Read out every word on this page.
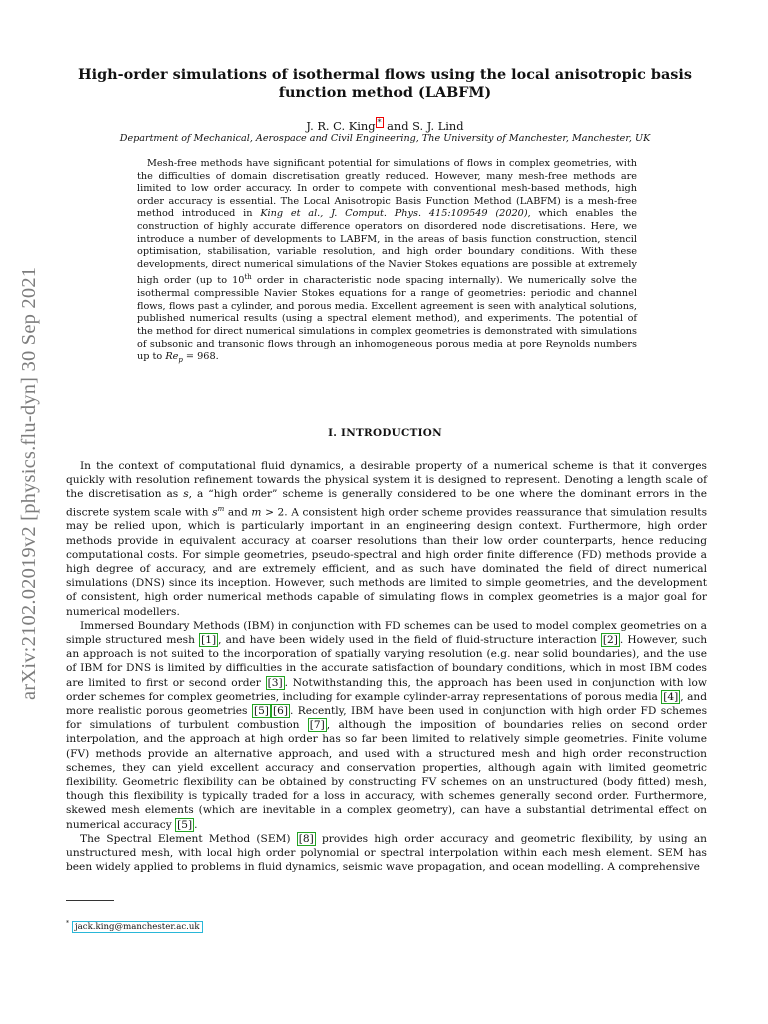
arXiv:2102.02019v2 [physics.flu-dyn] 30 Sep 2021
High-order simulations of isothermal flows using the local anisotropic basis function method (LABFM)
J. R. C. King * and S. J. Lind
Department of Mechanical, Aerospace and Civil Engineering, The University of Manchester, Manchester, UK

Mesh-free methods have significant potential for simulations of flows in complex geometries, with the difficulties of domain discretisation greatly reduced. However, many mesh-free methods are limited to low order accuracy. In order to compete with conventional mesh-based methods, high order accuracy is essential. The Local Anisotropic Basis Function Method (LABFM) is a mesh-free method introduced in King et al., J. Comput. Phys. 415:109549 (2020), which enables the construction of highly accurate difference operators on disordered node discretisations. Here, we introduce a number of developments to LABFM, in the areas of basis function construction, stencil optimisation, stabilisation, variable resolution, and high order boundary conditions. With these developments, direct numerical simulations of the Navier Stokes equations are possible at extremely high order (up to 10th order in characteristic node spacing internally). We numerically solve the isothermal compressible Navier Stokes equations for a range of geometries: periodic and channel flows, flows past a cylinder, and porous media. Excellent agreement is seen with analytical solutions, published numerical results (using a spectral element method), and experiments. The potential of the method for direct numerical simulations in complex geometries is demonstrated with simulations of subsonic and transonic flows through an inhomogeneous porous media at pore Reynolds numbers up to $Re_p = 968$.

I. INTRODUCTION

In the context of computational fluid dynamics, a desirable property of a numerical scheme is that it converges quickly with resolution refinement towards the physical system it is designed to represent. Denoting a length scale of the discretisation as s, a “high order” scheme is generally considered to be one where the dominant errors in the discrete system scale with $s^m$ and m > 2. A consistent high order scheme provides reassurance that simulation results may be relied upon, which is particularly important in an engineering design context. Furthermore, high order methods provide in equivalent accuracy at coarser resolutions than their low order counterparts, hence reducing computational costs. For simple geometries, pseudo-spectral and high order finite difference (FD) methods provide a high degree of accuracy, and are extremely efficient, and as such have dominated the field of direct numerical simulations (DNS) since its inception. However, such methods are limited to simple geometries, and the development of consistent, high order numerical methods capable of simulating flows in complex geometries is a major goal for numerical modellers.

Immersed Boundary Methods (IBM) in conjunction with FD schemes can be used to model complex geometries on a simple structured mesh [1] , and have been widely used in the field of fluid-structure interaction [2] . However, such an approach is not suited to the incorporation of spatially varying resolution (e.g. near solid boundaries), and the use of IBM for DNS is limited by difficulties in the accurate satisfaction of boundary conditions, which in most IBM codes are limited to first or second order [3] . Notwithstanding this, the approach has been used in conjunction with low order schemes for complex geometries, including for example cylinder-array representations of porous media [4] , and more realistic porous geometries [5] [6] . Recently, IBM have been used in conjunction with high order FD schemes for simulations of turbulent combustion [7] , although the imposition of boundaries relies on second order interpolation, and the approach at high order has so far been limited to relatively simple geometries. Finite volume (FV) methods provide an alternative approach, and used with a structured mesh and high order reconstruction schemes, they can yield excellent accuracy and conservation properties, although again with limited geometric flexibility. Geometric flexibility can be obtained by constructing FV schemes on an unstructured (body fitted) mesh, though this flexibility is typically traded for a loss in accuracy, with schemes generally second order. Furthermore, skewed mesh elements (which are inevitable in a complex geometry), can have a substantial detrimental effect on numerical accuracy [5] .

The Spectral Element Method (SEM) [8] provides high order accuracy and geometric flexibility, by using an unstructured mesh, with local high order polynomial or spectral interpolation within each mesh element. SEM has been widely applied to problems in fluid dynamics, seismic wave propagation, and ocean modelling. A comprehensive

* jack.king@manchester.ac.uk
